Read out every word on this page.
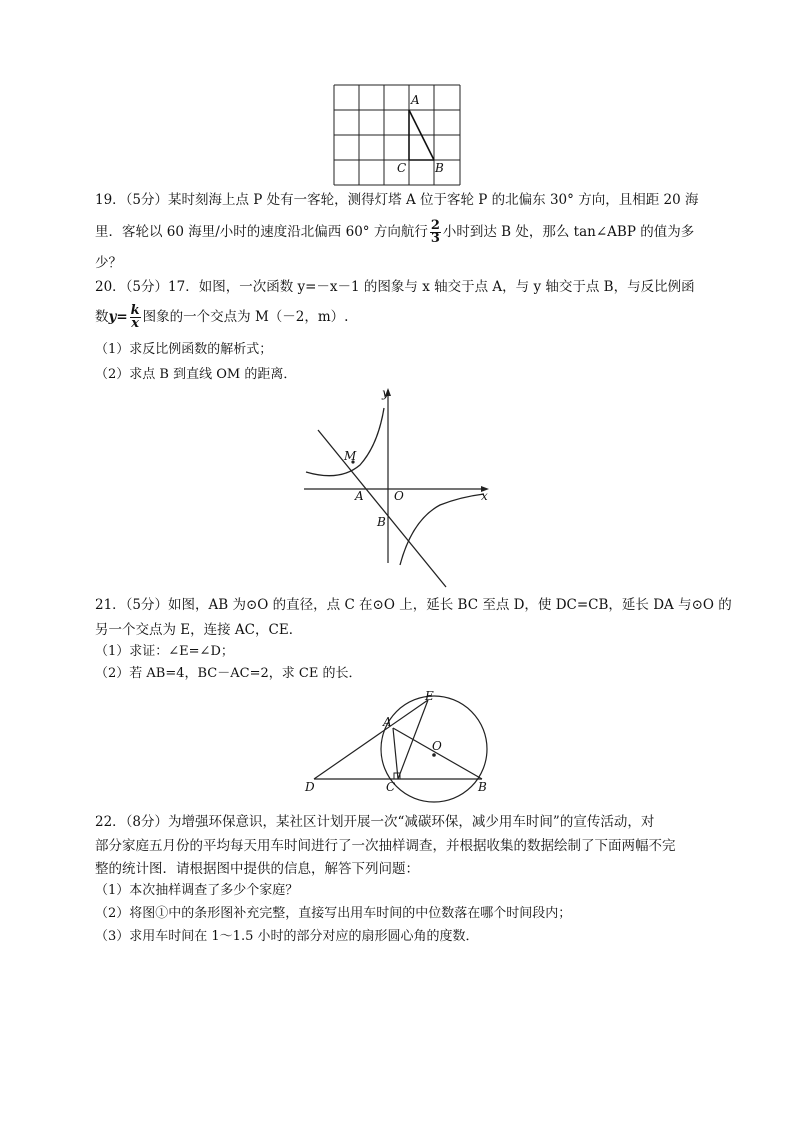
A
B
C
19．（5分）某时刻海上点 P 处有一客轮，测得灯塔 A 位于客轮 P 的北偏东 30° 方向，且相距 20 海
里．客轮以 60 海里/小时的速度沿北偏西 60° 方向航行 $\frac{2}{3}$ 小时到达 B 处，那么 tan∠ABP 的值为多
少？
20．（5分）17．如图，一次函数 y=－x－1 的图象与 x 轴交于点 A，与 y 轴交于点 B，与反比例函
数$y= \frac{k}{x}$ 图象的一个交点为 M（－2，m）.
（1）求反比例函数的解析式；
（2）求点 B 到直线 OM 的距离．
y
x
M
A	O
B
21．（5分）如图，AB 为⊙O 的直径，点 C 在⊙O 上，延长 BC 至点 D，使 DC=CB，延长 DA 与⊙O 的
另一个交点为 E，连接 AC，CE．
（1）求证：∠E=∠D；
（2）若 AB=4，BC－AC=2，求 CE 的长．
E
A
O
D	C	B
22．（8分）为增强环保意识，某社区计划开展一次“减碳环保，减少用车时间”的宣传活动，对
部分家庭五月份的平均每天用车时间进行了一次抽样调查，并根据收集的数据绘制了下面两幅不完
整的统计图．请根据图中提供的信息，解答下列问题：
（1）本次抽样调查了多少个家庭？
（2）将图①中的条形图补充完整，直接写出用车时间的中位数落在哪个时间段内；
（3）求用车时间在 1～1.5 小时的部分对应的扇形圆心角的度数．
